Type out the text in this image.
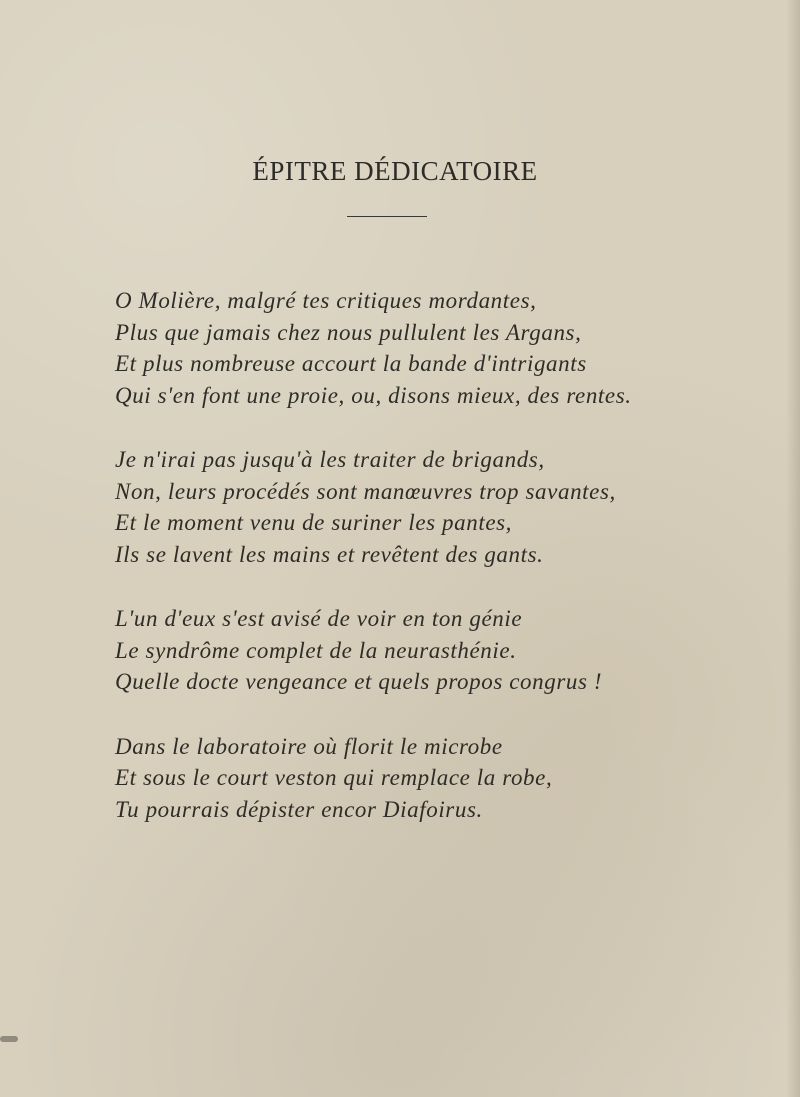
ÉPITRE DÉDICATOIRE
O Molière, malgré tes critiques mordantes,
Plus que jamais chez nous pullulent les Argans,
Et plus nombreuse accourt la bande d'intrigants
Qui s'en font une proie, ou, disons mieux, des rentes.
Je n'irai pas jusqu'à les traiter de brigands,
Non, leurs procédés sont manœuvres trop savantes,
Et le moment venu de suriner les pantes,
Ils se lavent les mains et revêtent des gants.
L'un d'eux s'est avisé de voir en ton génie
Le syndrôme complet de la neurasthénie.
Quelle docte vengeance et quels propos congrus !
Dans le laboratoire où florit le microbe
Et sous le court veston qui remplace la robe,
Tu pourrais dépister encor Diafoirus.
